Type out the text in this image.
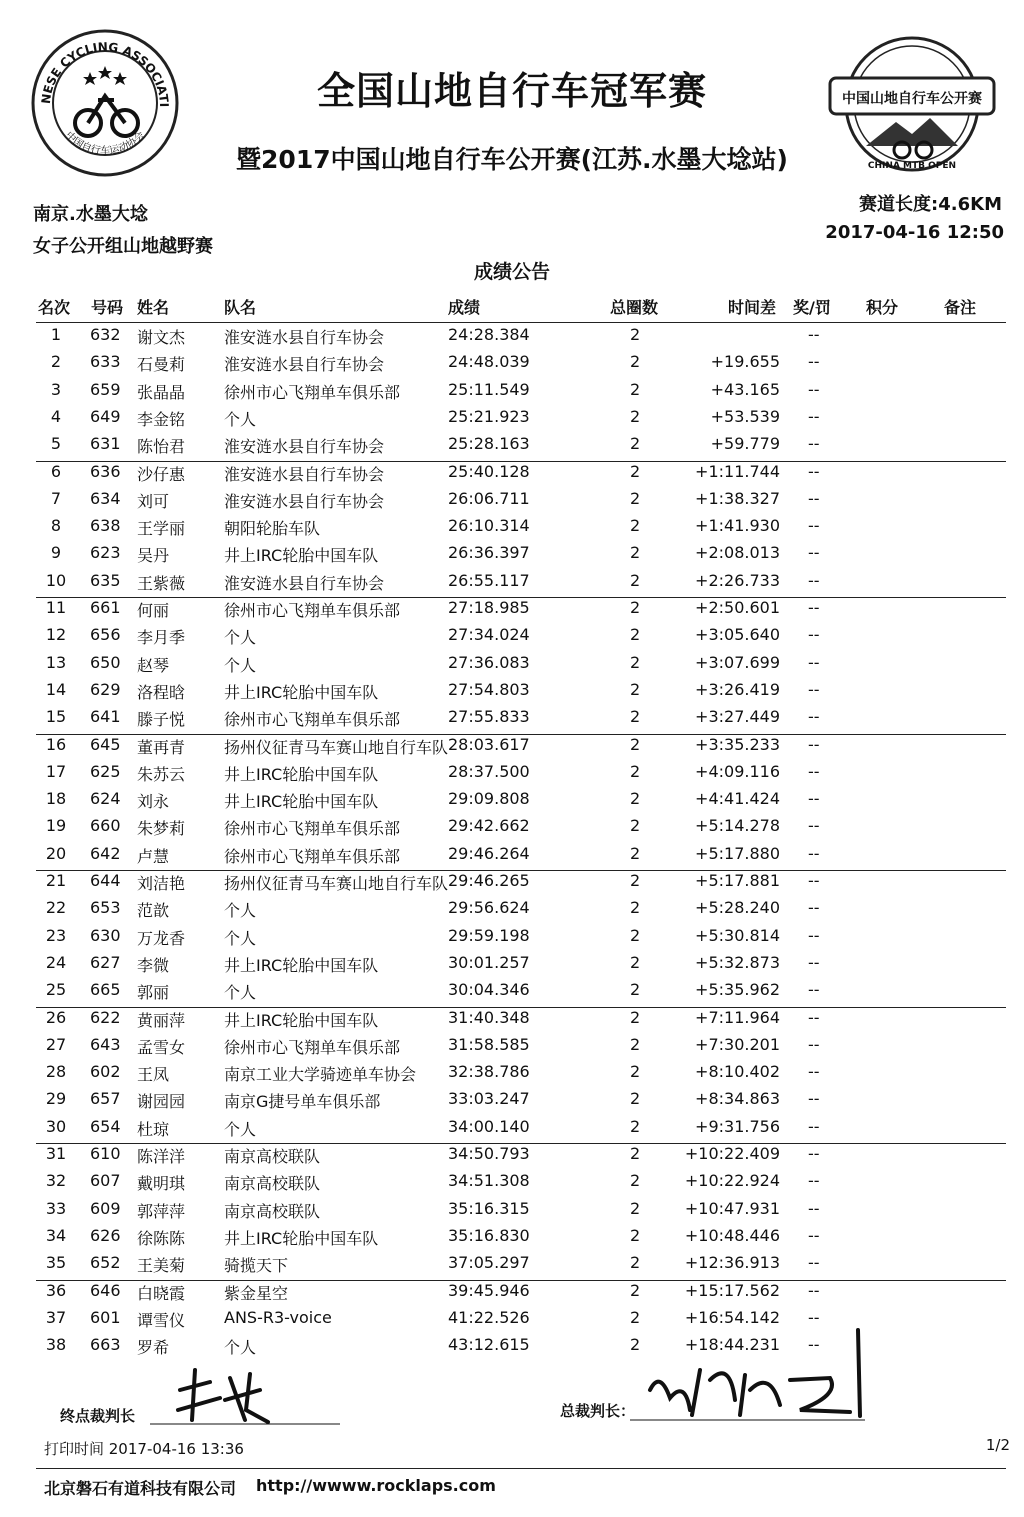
NESE CYCLING ASSOCIATI
中国自行车运动协会
中国山地自行车公开赛
CHINA MTB OPEN
全国山地自行车冠军赛
暨2017中国山地自行车公开赛(江苏.水墨大埝站)
南京.水墨大埝
女子公开组山地越野赛
赛道长度:4.6KM
2017-04-16 12:50
成绩公告
名次 号码 姓名	队名	成绩	总圈数	时间差 奖/罚 积分	备注
1	632 谢文杰 淮安涟水县自行车协会	24:28.384	2	--
2	633 石曼莉 淮安涟水县自行车协会	24:48.039	2	+19.655 --
3	659 张晶晶 徐州市心飞翔单车俱乐部	25:11.549	2	+43.165 --
4	649 李金铭 个人	25:21.923	2	+53.539 --
5	631 陈怡君 淮安涟水县自行车协会	25:28.163	2	+59.779 --
6	636 沙仔惠 淮安涟水县自行车协会	25:40.128	2	+1:11.744 --
7	634 刘可	淮安涟水县自行车协会	26:06.711	2	+1:38.327 --
8	638 王学丽 朝阳轮胎车队	26:10.314	2	+1:41.930 --
9	623 吴丹	井上IRC轮胎中国车队	26:36.397	2	+2:08.013 --
10	635 王紫薇 淮安涟水县自行车协会	26:55.117	2	+2:26.733 --
11	661 何丽	徐州市心飞翔单车俱乐部	27:18.985	2	+2:50.601 --
12	656 李月季 个人	27:34.024	2	+3:05.640 --
13	650 赵琴	个人	27:36.083	2	+3:07.699 --
14	629 洛程晗 井上IRC轮胎中国车队	27:54.803	2	+3:26.419 --
15	641 滕子悦 徐州市心飞翔单车俱乐部	27:55.833	2	+3:27.449 --
16	645 董再青 扬州仪征青马车赛山地自行车队 28:03.617	2	+3:35.233 --
17	625 朱苏云 井上IRC轮胎中国车队	28:37.500	2	+4:09.116 --
18	624 刘永	井上IRC轮胎中国车队	29:09.808	2	+4:41.424 --
19	660 朱梦莉 徐州市心飞翔单车俱乐部	29:42.662	2	+5:14.278 --
20	642 卢慧	徐州市心飞翔单车俱乐部	29:46.264	2	+5:17.880 --
21	644 刘洁艳 扬州仪征青马车赛山地自行车队 29:46.265	2	+5:17.881 --
22	653 范歆	个人	29:56.624	2	+5:28.240 --
23	630 万龙香 个人	29:59.198	2	+5:30.814 --
24	627 李微	井上IRC轮胎中国车队	30:01.257	2	+5:32.873 --
25	665 郭丽	个人	30:04.346	2	+5:35.962 --
26	622 黄丽萍 井上IRC轮胎中国车队	31:40.348	2	+7:11.964 --
27	643 孟雪女 徐州市心飞翔单车俱乐部	31:58.585	2	+7:30.201 --
28	602 王凤	南京工业大学骑迹单车协会 32:38.786	2	+8:10.402 --
29	657 谢园园 南京G捷号单车俱乐部	33:03.247	2	+8:34.863 --
30	654 杜琼	个人	34:00.140	2	+9:31.756 --
31	610 陈洋洋 南京高校联队	34:50.793	2	+10:22.409 --
32	607 戴明琪 南京高校联队	34:51.308	2	+10:22.924 --
33	609 郭萍萍 南京高校联队	35:16.315	2	+10:47.931 --
34	626 徐陈陈 井上IRC轮胎中国车队	35:16.830	2	+10:48.446 --
35	652 王美菊 骑揽天下	37:05.297	2	+12:36.913 --
36	646 白晓霞 紫金星空	39:45.946	2	+15:17.562 --
37	601 谭雪仪 ANS-R3-voice	41:22.526	2	+16:54.142 --
38	663 罗希	个人	43:12.615	2	+18:44.231 --
终点裁判长	总裁判长：
打印时间 2017-04-16 13:36	1/2
北京磐石有道科技有限公司 http://wwww.rocklaps.com
